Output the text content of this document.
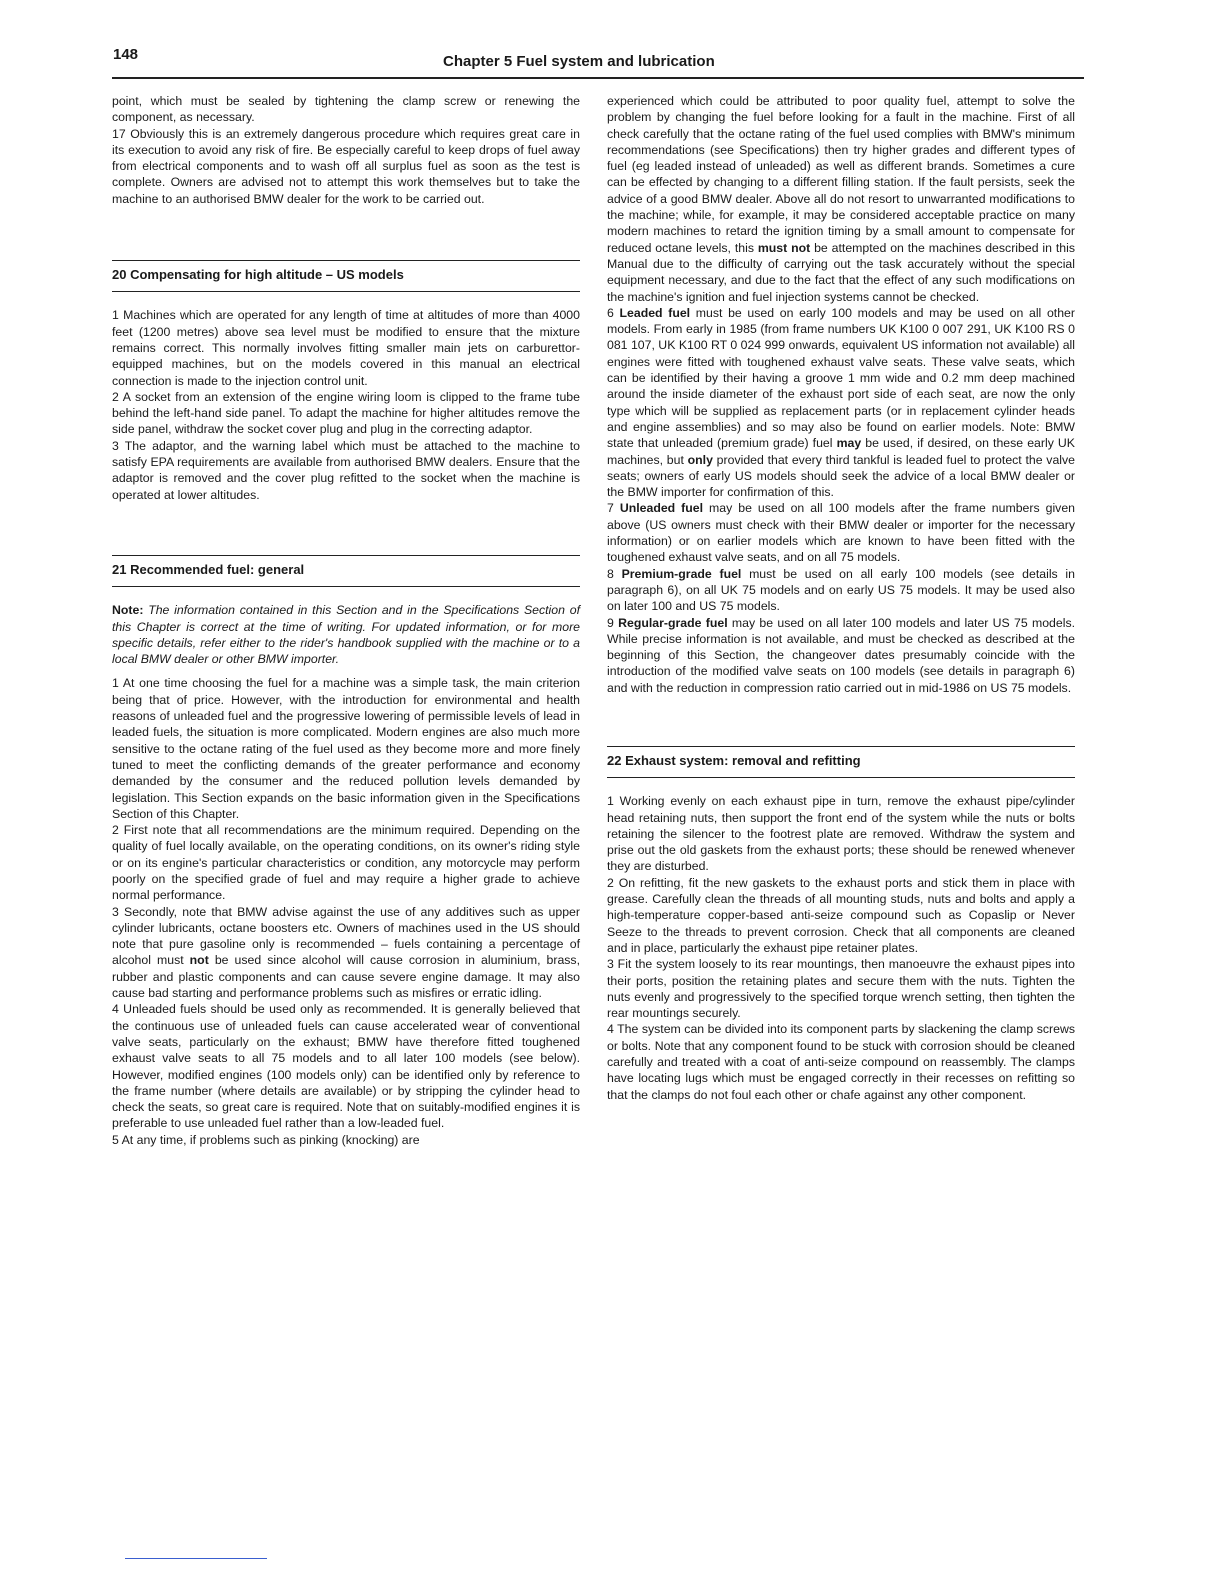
148	Chapter 5 Fuel system and lubrication

point, which must be sealed by tightening the clamp screw or renewing the component, as necessary.

17 Obviously this is an extremely dangerous procedure which requires great care in its execution to avoid any risk of fire. Be especially careful to keep drops of fuel away from electrical components and to wash off all surplus fuel as soon as the test is complete. Owners are advised not to attempt this work themselves but to take the machine to an authorised BMW dealer for the work to be carried out.

20 Compensating for high altitude – US models

1 Machines which are operated for any length of time at altitudes of more than 4000 feet (1200 metres) above sea level must be modified to ensure that the mixture remains correct. This normally involves fitting smaller main jets on carburettor-equipped machines, but on the models covered in this manual an electrical connection is made to the injection control unit.

2 A socket from an extension of the engine wiring loom is clipped to the frame tube behind the left-hand side panel. To adapt the machine for higher altitudes remove the side panel, withdraw the socket cover plug and plug in the correcting adaptor.

3 The adaptor, and the warning label which must be attached to the machine to satisfy EPA requirements are available from authorised BMW dealers. Ensure that the adaptor is removed and the cover plug refitted to the socket when the machine is operated at lower altitudes.

21 Recommended fuel: general

Note: The information contained in this Section and in the Specifications Section of this Chapter is correct at the time of writing. For updated information, or for more specific details, refer either to the rider's handbook supplied with the machine or to a local BMW dealer or other BMW importer.

1 At one time choosing the fuel for a machine was a simple task, the main criterion being that of price. However, with the introduction for environmental and health reasons of unleaded fuel and the progressive lowering of permissible levels of lead in leaded fuels, the situation is more complicated. Modern engines are also much more sensitive to the octane rating of the fuel used as they become more and more finely tuned to meet the conflicting demands of the greater performance and economy demanded by the consumer and the reduced pollution levels demanded by legislation. This Section expands on the basic information given in the Specifications Section of this Chapter.

2 First note that all recommendations are the minimum required. Depending on the quality of fuel locally available, on the operating conditions, on its owner's riding style or on its engine's particular characteristics or condition, any motorcycle may perform poorly on the specified grade of fuel and may require a higher grade to achieve normal performance.

3 Secondly, note that BMW advise against the use of any additives such as upper cylinder lubricants, octane boosters etc. Owners of machines used in the US should note that pure gasoline only is recommended – fuels containing a percentage of alcohol must not be used since alcohol will cause corrosion in aluminium, brass, rubber and plastic components and can cause severe engine damage. It may also cause bad starting and performance problems such as misfires or erratic idling.

4 Unleaded fuels should be used only as recommended. It is generally believed that the continuous use of unleaded fuels can cause accelerated wear of conventional valve seats, particularly on the exhaust; BMW have therefore fitted toughened exhaust valve seats to all 75 models and to all later 100 models (see below). However, modified engines (100 models only) can be identified only by reference to the frame number (where details are available) or by stripping the cylinder head to check the seats, so great care is required. Note that on suitably-modified engines it is preferable to use unleaded fuel rather than a low-leaded fuel.

5 At any time, if problems such as pinking (knocking) are

experienced which could be attributed to poor quality fuel, attempt to solve the problem by changing the fuel before looking for a fault in the machine. First of all check carefully that the octane rating of the fuel used complies with BMW's minimum recommendations (see Specifications) then try higher grades and different types of fuel (eg leaded instead of unleaded) as well as different brands. Sometimes a cure can be effected by changing to a different filling station. If the fault persists, seek the advice of a good BMW dealer. Above all do not resort to unwarranted modifications to the machine; while, for example, it may be considered acceptable practice on many modern machines to retard the ignition timing by a small amount to compensate for reduced octane levels, this must not be attempted on the machines described in this Manual due to the difficulty of carrying out the task accurately without the special equipment necessary, and due to the fact that the effect of any such modifications on the machine's ignition and fuel injection systems cannot be checked.

6 Leaded fuel must be used on early 100 models and may be used on all other models. From early in 1985 (from frame numbers UK K100 0 007 291, UK K100 RS 0 081 107, UK K100 RT 0 024 999 onwards, equivalent US information not available) all engines were fitted with toughened exhaust valve seats. These valve seats, which can be identified by their having a groove 1 mm wide and 0.2 mm deep machined around the inside diameter of the exhaust port side of each seat, are now the only type which will be supplied as replacement parts (or in replacement cylinder heads and engine assemblies) and so may also be found on earlier models. Note: BMW state that unleaded (premium grade) fuel may be used, if desired, on these early UK machines, but only provided that every third tankful is leaded fuel to protect the valve seats; owners of early US models should seek the advice of a local BMW dealer or the BMW importer for confirmation of this.

7 Unleaded fuel may be used on all 100 models after the frame numbers given above (US owners must check with their BMW dealer or importer for the necessary information) or on earlier models which are known to have been fitted with the toughened exhaust valve seats, and on all 75 models.

8 Premium-grade fuel must be used on all early 100 models (see details in paragraph 6), on all UK 75 models and on early US 75 models. It may be used also on later 100 and US 75 models.

9 Regular-grade fuel may be used on all later 100 models and later US 75 models. While precise information is not available, and must be checked as described at the beginning of this Section, the changeover dates presumably coincide with the introduction of the modified valve seats on 100 models (see details in paragraph 6) and with the reduction in compression ratio carried out in mid-1986 on US 75 models.

22 Exhaust system: removal and refitting

1 Working evenly on each exhaust pipe in turn, remove the exhaust pipe/cylinder head retaining nuts, then support the front end of the system while the nuts or bolts retaining the silencer to the footrest plate are removed. Withdraw the system and prise out the old gaskets from the exhaust ports; these should be renewed whenever they are disturbed.

2 On refitting, fit the new gaskets to the exhaust ports and stick them in place with grease. Carefully clean the threads of all mounting studs, nuts and bolts and apply a high-temperature copper-based anti-seize compound such as Copaslip or Never Seeze to the threads to prevent corrosion. Check that all components are cleaned and in place, particularly the exhaust pipe retainer plates.

3 Fit the system loosely to its rear mountings, then manoeuvre the exhaust pipes into their ports, position the retaining plates and secure them with the nuts. Tighten the nuts evenly and progressively to the specified torque wrench setting, then tighten the rear mountings securely.

4 The system can be divided into its component parts by slackening the clamp screws or bolts. Note that any component found to be stuck with corrosion should be cleaned carefully and treated with a coat of anti-seize compound on reassembly. The clamps have locating lugs which must be engaged correctly in their recesses on refitting so that the clamps do not foul each other or chafe against any other component.
